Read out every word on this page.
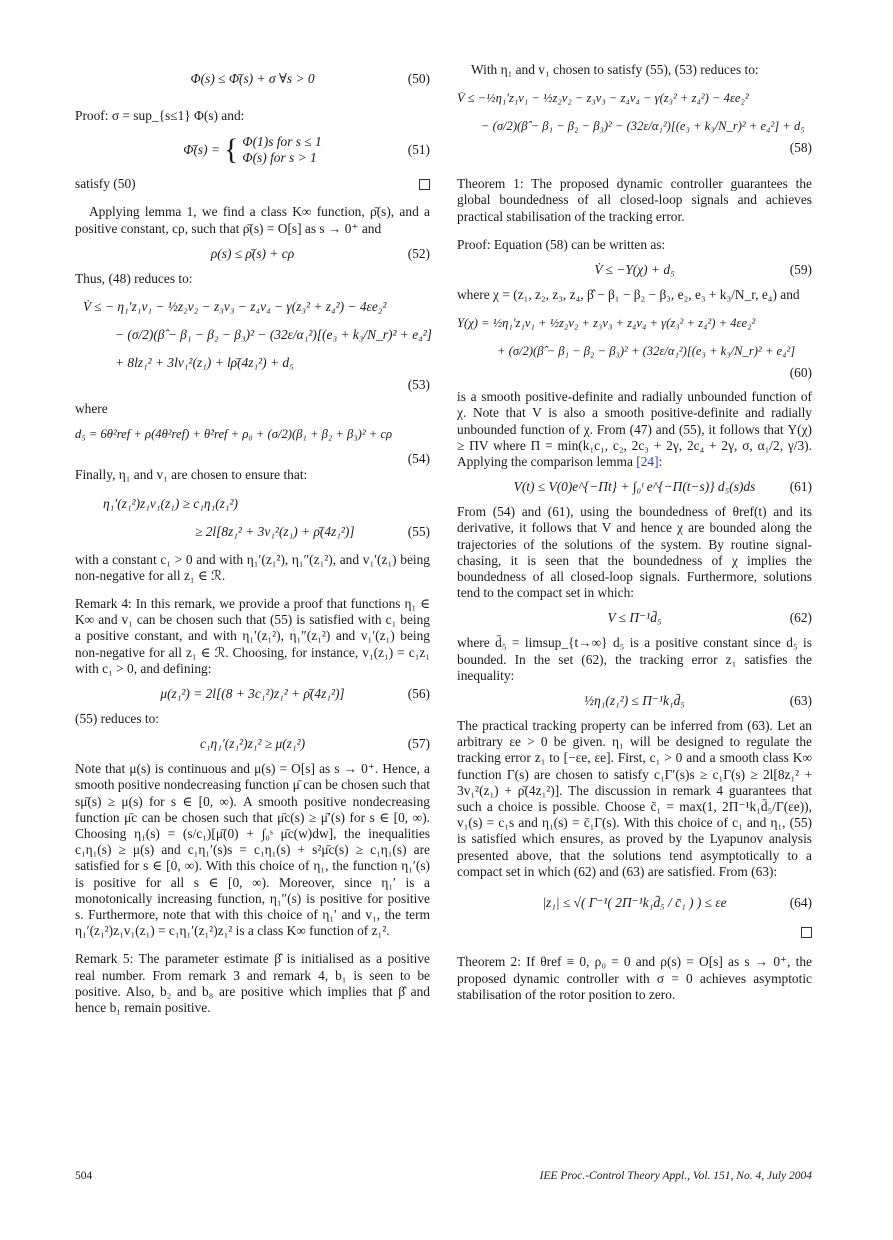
Φ(s) ≤ Φ̄(s) + σ ∀s > 0	(50)

Proof: σ = sup_{s≤1} Φ(s) and:

Φ̄(s) = { Φ(1)s for s ≤ 1
Φ(s) for s > 1
(51)
satisfy (50)

Applying lemma 1, we find a class K∞ function, ρ̄(s), and a positive constant, cρ, such that ρ̄(s) = O[s] as s → 0⁺ and

ρ(s) ≤ ρ̄(s) + cρ	(52)

Thus, (48) reduces to:

V̇ ≤ − η₁′z₁v₁ − ½z₂v₂ − z₃v₃ − z₄v₄ − γ(z₃² + z₄²) − 4εe₂²
− (σ/2)(β̂ − β₁ − β₂ − β₃)² − (32ε/α₁²)[(e₃ + k₃/N_r)² + e₄²]
+ 8lz₁² + 3lv₁²(z₁) + lρ̄(4z₁²) + d₅
(53)

where

d₅ = 6θ²ref + ρ(4θ²ref) + θ̇²ref + ρ₀ + (σ/2)(β₁ + β₂ + β₃)² + cρ
(54)

Finally, η₁ and v₁ are chosen to ensure that:

η₁′(z₁²)z₁v₁(z₁) ≥ c₁η₁(z₁²)
≥ 2l[8z₁² + 3v₁²(z₁) + ρ̄(4z₁²)]	(55)

with a constant c₁ > 0 and with η₁′(z₁²), η₁″(z₁²), and v₁′(z₁) being non-negative for all z₁ ∈ ℛ.

Remark 4: In this remark, we provide a proof that functions η₁ ∈ K∞ and v₁ can be chosen such that (55) is satisfied with c₁ being a positive constant, and with η₁′(z₁²), η₁″(z₁²) and v₁′(z₁) being non-negative for all z₁ ∈ ℛ. Choosing, for instance, v₁(z₁) = c₁z₁ with c₁ > 0, and defining:

μ(z₁²) = 2l[(8 + 3c₁²)z₁² + ρ̄(4z₁²)]	(56)

(55) reduces to:

c₁η₁′(z₁²)z₁² ≥ μ(z₁²)	(57)

Note that μ(s) is continuous and μ(s) = O[s] as s → 0⁺. Hence, a smooth positive nondecreasing function μ̄ can be chosen such that sμ̄(s) ≥ μ(s) for s ∈ [0, ∞). A smooth positive nondecreasing function μ̄c can be chosen such that μ̄c(s) ≥ μ̄′(s) for s ∈ [0, ∞). Choosing η₁(s) = (s/c₁)[μ̄(0) + ∫₀ˢ μ̄c(w)dw], the inequalities c₁η₁(s) ≥ μ(s) and c₁η₁′(s)s = c₁η₁(s) + s²μ̄c(s) ≥ c₁η₁(s) are satisfied for s ∈ [0, ∞). With this choice of η₁, the function η₁′(s) is positive for all s ∈ [0, ∞). Moreover, since η₁′ is a monotonically increasing function, η₁″(s) is positive for positive s. Furthermore, note that with this choice of η₁′ and v₁, the term η₁′(z₁²)z₁v₁(z₁) = c₁η₁′(z₁²)z₁² is a class K∞ function of z₁².

Remark 5: The parameter estimate β̂ is initialised as a positive real number. From remark 3 and remark 4, b₁ is seen to be positive. Also, b₂ and b₈ are positive which implies that β̂ and hence b₁ remain positive.

With η₁ and v₁ chosen to satisfy (55), (53) reduces to:

V̇ ≤ −½η₁′z₁v₁ − ½z₂v₂ − z₃v₃ − z₄v₄ − γ(z₃² + z₄²) − 4εe₂²
− (σ/2)(β̂ − β₁ − β₂ − β₃)² − (32ε/α₁²)[(e₃ + k₃/N_r)² + e₄²] + d₅
(58)

Theorem 1: The proposed dynamic controller guarantees the global boundedness of all closed-loop signals and achieves practical stabilisation of the tracking error.

Proof: Equation (58) can be written as:

V̇ ≤ −Υ(χ) + d₅	(59)

where χ = (z₁, z₂, z₃, z₄, β̂ − β₁ − β₂ − β₃, e₂, e₃ + k₃/N_r, e₄) and

Υ(χ) = ½η₁′z₁v₁ + ½z₂v₂ + z₃v₃ + z₄v₄ + γ(z₃² + z₄²) + 4εe₂²
+ (σ/2)(β̂ − β₁ − β₂ − β₃)² + (32ε/α₁²)[(e₃ + k₃/N_r)² + e₄²]
(60)

is a smooth positive-definite and radially unbounded function of χ. Note that V is also a smooth positive-definite and radially unbounded function of χ. From (47) and (55), it follows that Υ(χ) ≥ ΠV where Π = min(k₁c₁, c₂, 2c₃ + 2γ, 2c₄ + 2γ, σ, α₁/2, γ/3). Applying the comparison lemma [24]:

V(t) ≤ V(0)e^{−Πt} + ∫₀ᵗ e^{−Π(t−s)} d₅(s)ds	(61)

From (54) and (61), using the boundedness of θref(t) and its derivative, it follows that V and hence χ are bounded along the trajectories of the solutions of the system. By routine signal-chasing, it is seen that the boundedness of χ implies the boundedness of all closed-loop signals. Furthermore, solutions tend to the compact set in which:

V ≤ Π⁻¹d̄₅	(62)

where d̄₅ = limsup_{t→∞} d₅ is a positive constant since d₅ is bounded. In the set (62), the tracking error z₁ satisfies the inequality:

½η₁(z₁²) ≤ Π⁻¹k₁d̄₅	(63)

The practical tracking property can be inferred from (63). Let an arbitrary εe > 0 be given. η₁ will be designed to regulate the tracking error z₁ to [−εe, εe]. First, c₁ > 0 and a smooth class K∞ function Γ(s) are chosen to satisfy c₁Γ′(s)s ≥ c₁Γ(s) ≥ 2l[8z₁² + 3v₁²(z₁) + ρ̄(4z₁²)]. The discussion in remark 4 guarantees that such a choice is possible. Choose c̄₁ = max(1, 2Π⁻¹k₁d̄₅/Γ(εe)), v₁(s) = c₁s and η₁(s) = c̄₁Γ(s). With this choice of c₁ and η₁, (55) is satisfied which ensures, as proved by the Lyapunov analysis presented above, that the solutions tend asymptotically to a compact set in which (62) and (63) are satisfied. From (63):

|z₁| ≤ √( Γ⁻¹( 2Π⁻¹k₁d̄₅ / c̄₁ ) ) ≤ εe	(64)

Theorem 2: If θref ≡ 0, ρ₀ = 0 and ρ(s) = O[s] as s → 0⁺, the proposed dynamic controller with σ = 0 achieves asymptotic stabilisation of the rotor position to zero.

504	IEE Proc.-Control Theory Appl., Vol. 151, No. 4, July 2004
